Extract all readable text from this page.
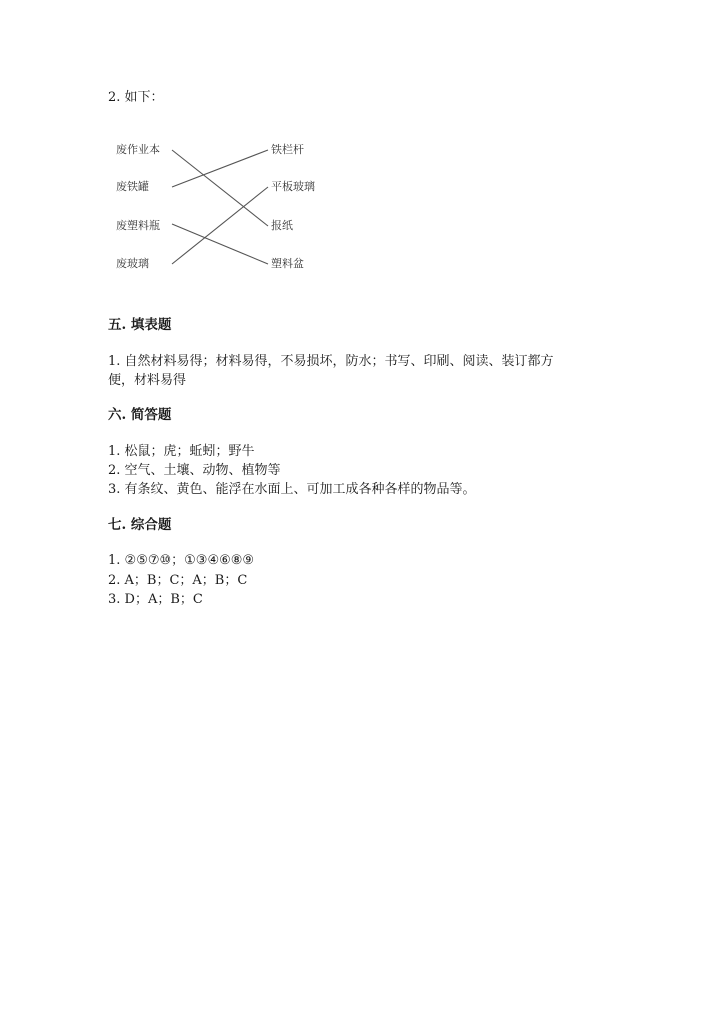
2. 如下：
废作业本
废铁罐
废塑料瓶
废玻璃
铁栏杆
平板玻璃
报纸
塑料盆
五. 填表题
1. 自然材料易得；材料易得，不易损坏，防水；书写、印刷、阅读、装订都方
便，材料易得
六. 简答题
1. 松鼠；虎；蚯蚓；野牛
2. 空气、土壤、动物、植物等
3. 有条纹、黄色、能浮在水面上、可加工成各种各样的物品等。
七. 综合题
1. ②⑤⑦⑩；①③④⑥⑧⑨
2. A；B；C；A；B；C
3. D；A；B；C
